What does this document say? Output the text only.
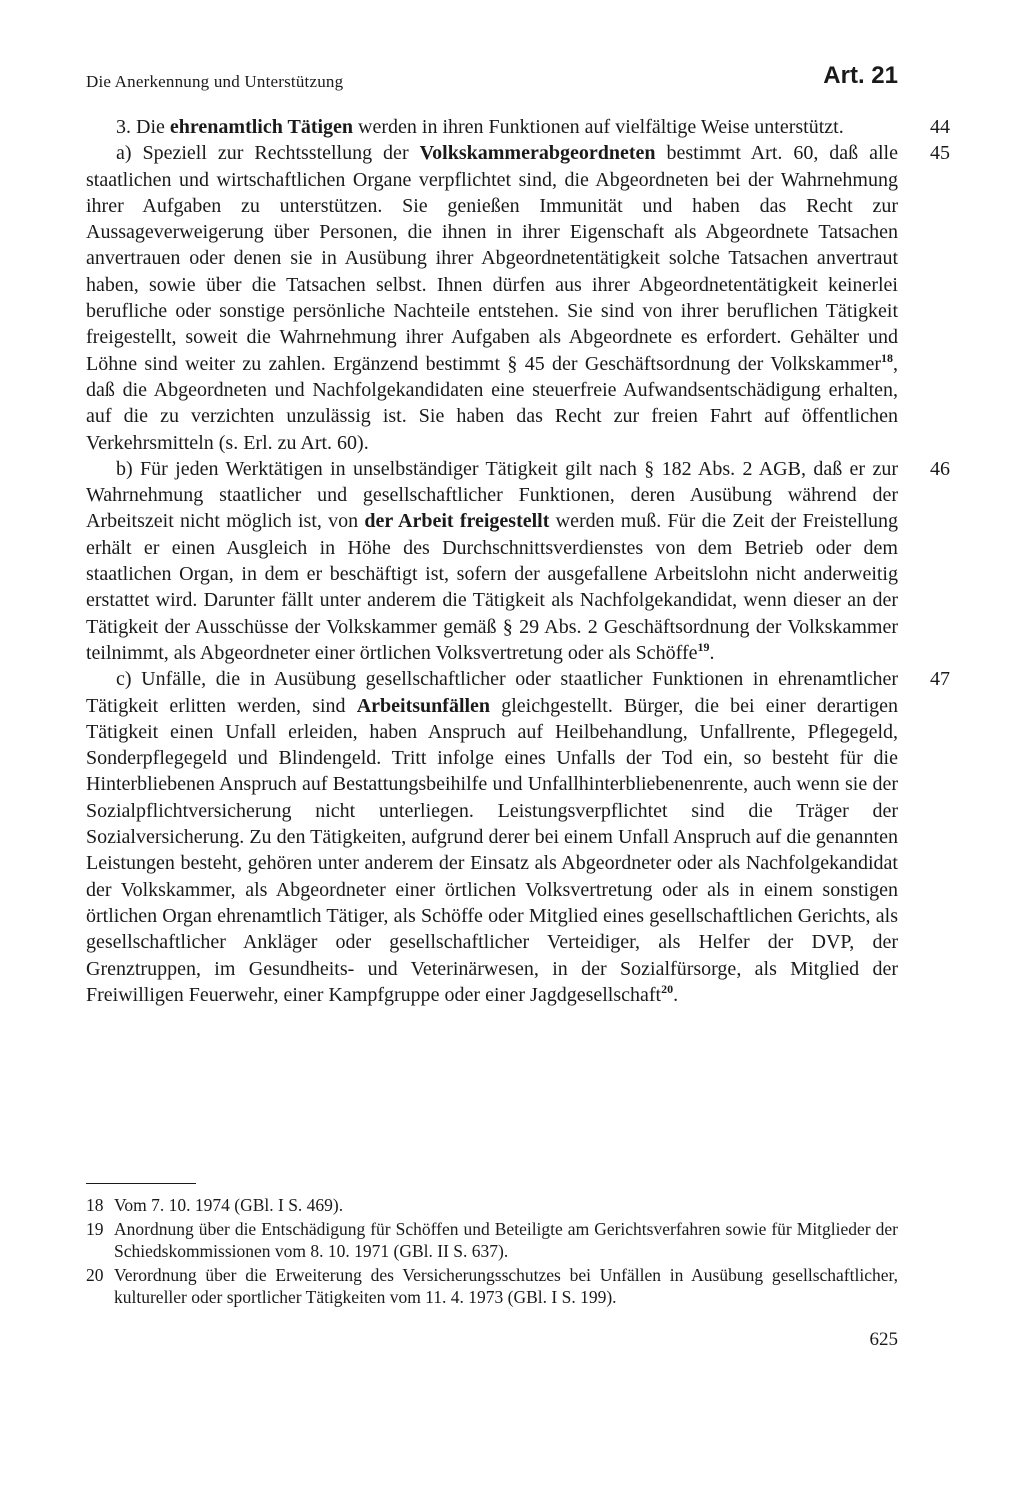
Die Anerkennung und Unterstützung	Art. 21

44
3. Die ehrenamtlich Tätigen werden in ihren Funktionen auf vielfältige Weise unterstützt.

45
a) Speziell zur Rechtsstellung der Volkskammerabgeordneten bestimmt Art. 60, daß alle staatlichen und wirtschaftlichen Organe verpflichtet sind, die Abgeordneten bei der Wahrnehmung ihrer Aufgaben zu unterstützen. Sie genießen Immunität und haben das Recht zur Aussageverweigerung über Personen, die ihnen in ihrer Eigenschaft als Abgeordnete Tatsachen anvertrauen oder denen sie in Ausübung ihrer Abgeordnetentätigkeit solche Tatsachen anvertraut haben, sowie über die Tatsachen selbst. Ihnen dürfen aus ihrer Abgeordnetentätigkeit keinerlei berufliche oder sonstige persönliche Nachteile entstehen. Sie sind von ihrer beruflichen Tätigkeit freigestellt, soweit die Wahrnehmung ihrer Aufgaben als Abgeordnete es erfordert. Gehälter und Löhne sind weiter zu zahlen. Ergänzend bestimmt § 45 der Geschäftsordnung der Volkskammer$^{18}$, daß die Abgeordneten und Nachfolgekandidaten eine steuerfreie Aufwandsentschädigung erhalten, auf die zu verzichten unzulässig ist. Sie haben das Recht zur freien Fahrt auf öffentlichen Verkehrsmitteln (s. Erl. zu Art. 60).

46
b) Für jeden Werktätigen in unselbständiger Tätigkeit gilt nach § 182 Abs. 2 AGB, daß er zur Wahrnehmung staatlicher und gesellschaftlicher Funktionen, deren Ausübung während der Arbeitszeit nicht möglich ist, von der Arbeit freigestellt werden muß. Für die Zeit der Freistellung erhält er einen Ausgleich in Höhe des Durchschnittsverdienstes von dem Betrieb oder dem staatlichen Organ, in dem er beschäftigt ist, sofern der ausgefallene Arbeitslohn nicht anderweitig erstattet wird. Darunter fällt unter anderem die Tätigkeit als Nachfolgekandidat, wenn dieser an der Tätigkeit der Ausschüsse der Volkskammer gemäß § 29 Abs. 2 Geschäftsordnung der Volkskammer teilnimmt, als Abgeordneter einer örtlichen Volksvertretung oder als Schöffe$^{19}$.

47
c) Unfälle, die in Ausübung gesellschaftlicher oder staatlicher Funktionen in ehrenamtlicher Tätigkeit erlitten werden, sind Arbeitsunfällen gleichgestellt. Bürger, die bei einer derartigen Tätigkeit einen Unfall erleiden, haben Anspruch auf Heilbehandlung, Unfallrente, Pflegegeld, Sonderpflegegeld und Blindengeld. Tritt infolge eines Unfalls der Tod ein, so besteht für die Hinterbliebenen Anspruch auf Bestattungsbeihilfe und Unfallhinterbliebenenrente, auch wenn sie der Sozialpflichtversicherung nicht unterliegen. Leistungsverpflichtet sind die Träger der Sozialversicherung. Zu den Tätigkeiten, aufgrund derer bei einem Unfall Anspruch auf die genannten Leistungen besteht, gehören unter anderem der Einsatz als Abgeordneter oder als Nachfolgekandidat der Volkskammer, als Abgeordneter einer örtlichen Volksvertretung oder als in einem sonstigen örtlichen Organ ehrenamtlich Tätiger, als Schöffe oder Mitglied eines gesellschaftlichen Gerichts, als gesellschaftlicher Ankläger oder gesellschaftlicher Verteidiger, als Helfer der DVP, der Grenztruppen, im Gesundheits- und Veterinärwesen, in der Sozialfürsorge, als Mitglied der Freiwilligen Feuerwehr, einer Kampfgruppe oder einer Jagdgesellschaft$^{20}$.

18 Vom 7. 10. 1974 (GBl. I S. 469).
19 Anordnung über die Entschädigung für Schöffen und Beteiligte am Gerichtsverfahren sowie für Mitglieder der Schiedskommissionen vom 8. 10. 1971 (GBl. II S. 637).
20 Verordnung über die Erweiterung des Versicherungsschutzes bei Unfällen in Ausübung gesellschaftlicher, kultureller oder sportlicher Tätigkeiten vom 11. 4. 1973 (GBl. I S. 199).
625
